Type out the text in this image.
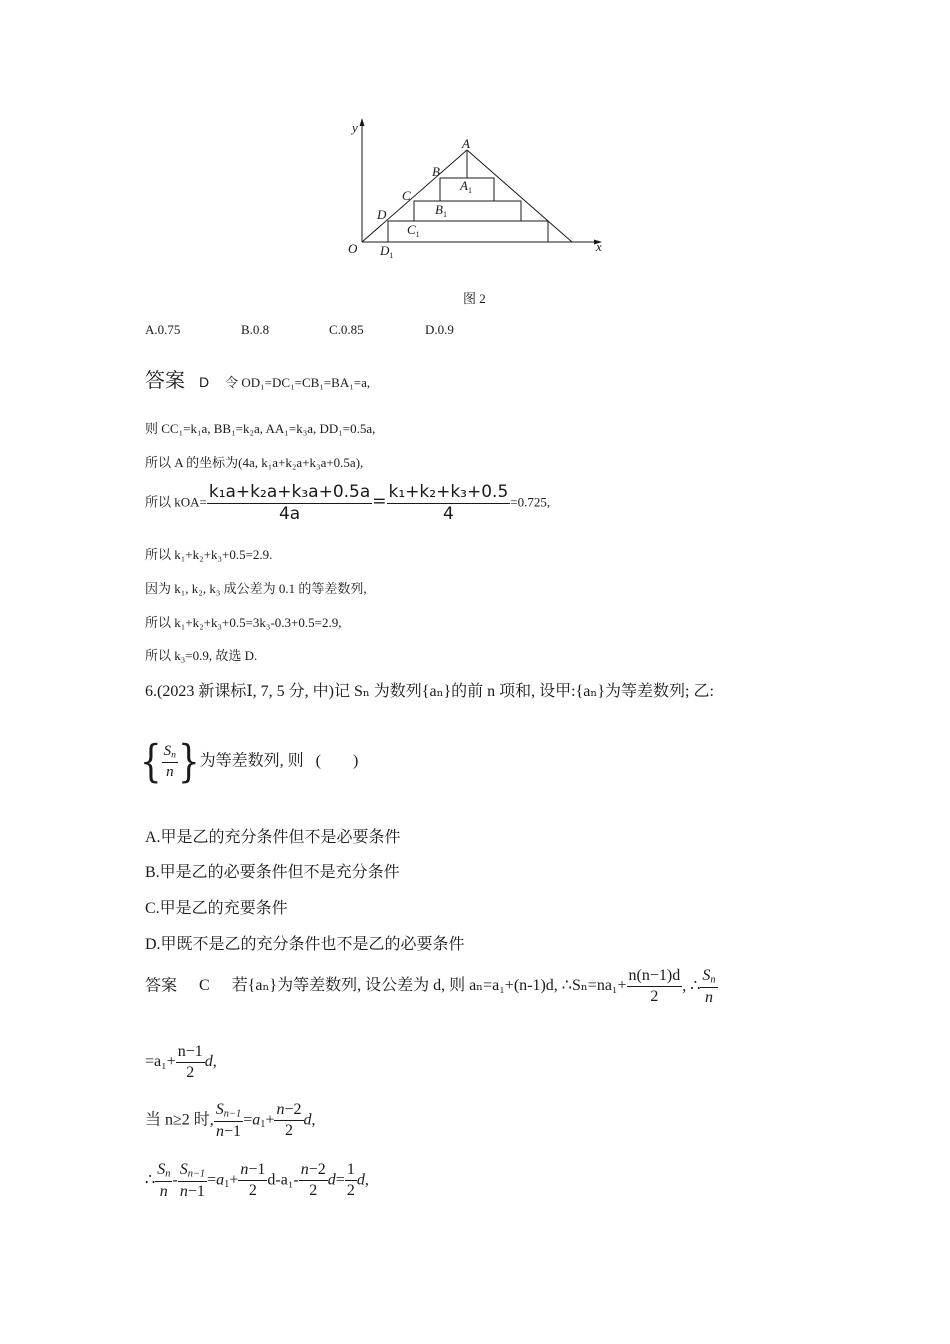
y
x
O
A
B
C
D
$A_1$
$B_1$
$C_1$
$D_1$
图 2
A.0.75	B.0.8	C.0.85	D.0.9
答案 D 令 OD₁=DC₁=CB₁=BA₁=a,
则 CC₁=k₁a, BB₁=k₂a, AA₁=k₃a, DD₁=0.5a,
所以 A 的坐标为(4a, k₁a+k₂a+k₃a+0.5a),
所以 $kOA= \frac{\text{k₁a+k₂a+k₃a+0.5a}}{4a} = \frac{\text{k₁+k₂+k₃+0.5}}{4} =0.725$,
所以 k₁+k₂+k₃+0.5=2.9.
因为 k₁, k₂, k₃ 成公差为 0.1 的等差数列,
所以 k₁+k₂+k₃+0.5=3k₃-0.3+0.5=2.9,
所以 k₃=0.9, 故选 D.
6.(2023 新课标Ⅰ, 7, 5 分, 中)记 Sₙ 为数列{aₙ}的前 n 项和, 设甲:{aₙ}为等差数列; 乙:
{ $\frac{S_n}{n}$ }为等差数列, 则   (        )
A.甲是乙的充分条件但不是必要条件
B.甲是乙的必要条件但不是充分条件
C.甲是乙的充要条件
D.甲既不是乙的充分条件也不是乙的必要条件
答案 C 若{aₙ}为等差数列, 设公差为 d, 则 aₙ=a₁+(n-1)d, ∴Sₙ=na₁+ $\frac{n(n-1)d}{2}$ , ∴ $\frac{S_n}{n}$
$=a_1+ \frac{n-1}{2} d$,
当 n≥2 时, $\frac{S_{n-1}}{n-1} =a_1+ \frac{n-2}{2} d$,
∴ $\frac{S_n}{n} - \frac{S_{n-1}}{n-1} =a_1+ \frac{n-1}{2} d-a_1- \frac{n-2}{2} d= \frac{1}{2} d$,
